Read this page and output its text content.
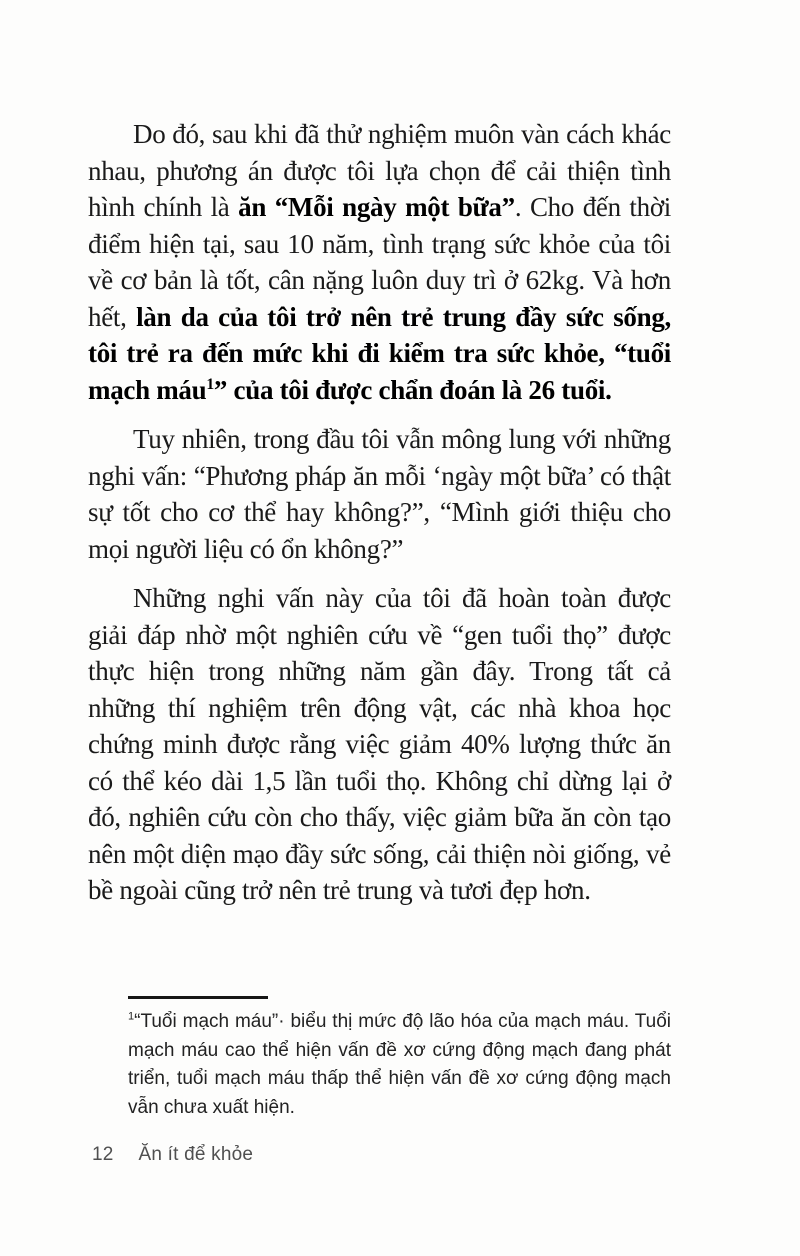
Do đó, sau khi đã thử nghiệm muôn vàn cách khác nhau, phương án được tôi lựa chọn để cải thiện tình hình chính là ăn “Mỗi ngày một bữa”. Cho đến thời điểm hiện tại, sau 10 năm, tình trạng sức khỏe của tôi về cơ bản là tốt, cân nặng luôn duy trì ở 62kg. Và hơn hết, làn da của tôi trở nên trẻ trung đầy sức sống, tôi trẻ ra đến mức khi đi kiểm tra sức khỏe, “tuổi mạch máu$^1$” của tôi được chẩn đoán là 26 tuổi.

Tuy nhiên, trong đầu tôi vẫn mông lung với những nghi vấn: “Phương pháp ăn mỗi ‘ngày một bữa’ có thật sự tốt cho cơ thể hay không?”, “Mình giới thiệu cho mọi người liệu có ổn không?”

Những nghi vấn này của tôi đã hoàn toàn được giải đáp nhờ một nghiên cứu về “gen tuổi thọ” được thực hiện trong những năm gần đây. Trong tất cả những thí nghiệm trên động vật, các nhà khoa học chứng minh được rằng việc giảm 40% lượng thức ăn có thể kéo dài 1,5 lần tuổi thọ. Không chỉ dừng lại ở đó, nghiên cứu còn cho thấy, việc giảm bữa ăn còn tạo nên một diện mạo đầy sức sống, cải thiện nòi giống, vẻ bề ngoài cũng trở nên trẻ trung và tươi đẹp hơn.

$^1$“Tuổi mạch máu”· biểu thị mức độ lão hóa của mạch máu. Tuổi mạch máu cao thể hiện vấn đề xơ cứng động mạch đang phát triển, tuổi mạch máu thấp thể hiện vấn đề xơ cứng động mạch vẫn chưa xuất hiện.

12 Ăn ít để khỏe
